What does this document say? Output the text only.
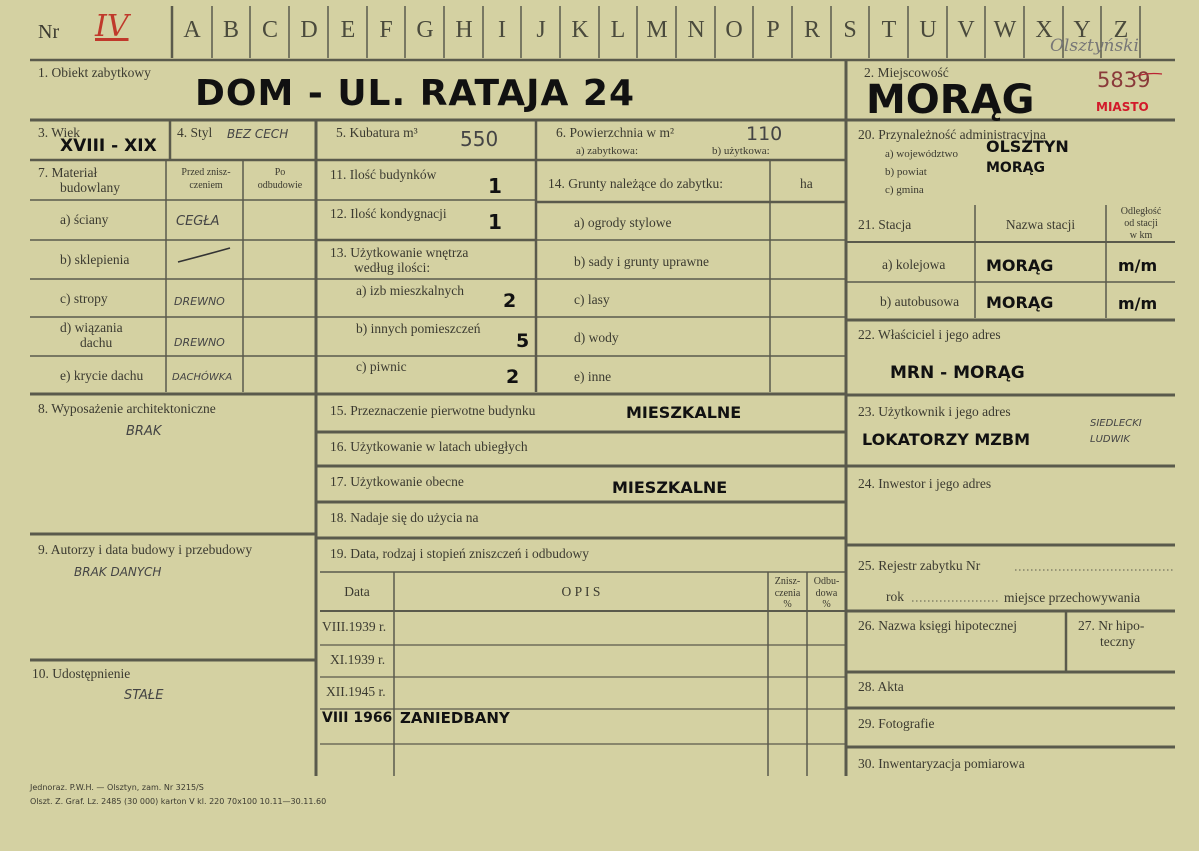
Nr IV	A B C D E F G H	I	J	K L M N O P	R S	T U V W X Y Z
Olsztyński
1. Obiekt zabytkowy
DOM - UL. RATAJA 24
2. Miejscowość
MORĄG	5839
MIASTO
3. Wiek
XVIII - XIX
4. Styl BEZ CECH	5. Kubatura m³ 550	6. Powierzchnia w m²	110
a) zabytkowa:	b) użytkowa:
7. Materiał
budowlany
Przed znisz-
czeniem
Po
odbudowie
a) ściany	CEGŁA
b) sklepienia
c) stropy	DREWNO
d) wiązania
dachu	DREWNO
e) krycie dachu	DACHÓWKA
8. Wyposażenie architektoniczne
BRAK
9. Autorzy i data budowy i przebudowy
BRAK DANYCH
10. Udostępnienie
STAŁE
11. Ilość budynków	1
12. Ilość kondygnacji 1
13. Użytkowanie wnętrza
według ilości:
a) izb mieszkalnych 2
b) innych pomieszczeń
5
c) piwnic	2
14. Grunty należące do zabytku:	ha
a) ogrody stylowe
b) sady i grunty uprawne
c) lasy
d) wody
e) inne
15. Przeznaczenie pierwotne budynku	MIESZKALNE
16. Użytkowanie w latach ubiegłych
17. Użytkowanie obecne	MIESZKALNE
18. Nadaje się do użycia na
19. Data, rodzaj i stopień zniszczeń i odbudowy
Data	O P I S
Znisz-
czenia
%
Odbu-
dowa
%
VIII.1939 r.
XI.1939 r.
XII.1945 r.
VIII 1966 ZANIEDBANY
20. Przynależność administracyjna
a) województwo OLSZTYN
b) powiat	MORĄG
c) gmina
21. Stacja	Nazwa stacji
Odległość
od stacji
w km
a) kolejowa	MORĄG	m/m
b) autobusowa MORĄG	m/m
22. Właściciel i jego adres
MRN - MORĄG
23. Użytkownik i jego adres
LOKATORZY MZBM
SIEDLECKI
LUDWIK
24. Inwestor i jego adres
25. Rejestr zabytku Nr
rok	miejsce przechowywania
26. Nazwa księgi hipotecznej	27. Nr hipo-
teczny
28. Akta
29. Fotografie
30. Inwentaryzacja pomiarowa
Jednoraz. P.W.H. — Olsztyn, zam. Nr 3215/S
Olszt. Z. Graf. Lz. 2485 (30 000) karton V kl. 220 70x100 10.11—30.11.60
